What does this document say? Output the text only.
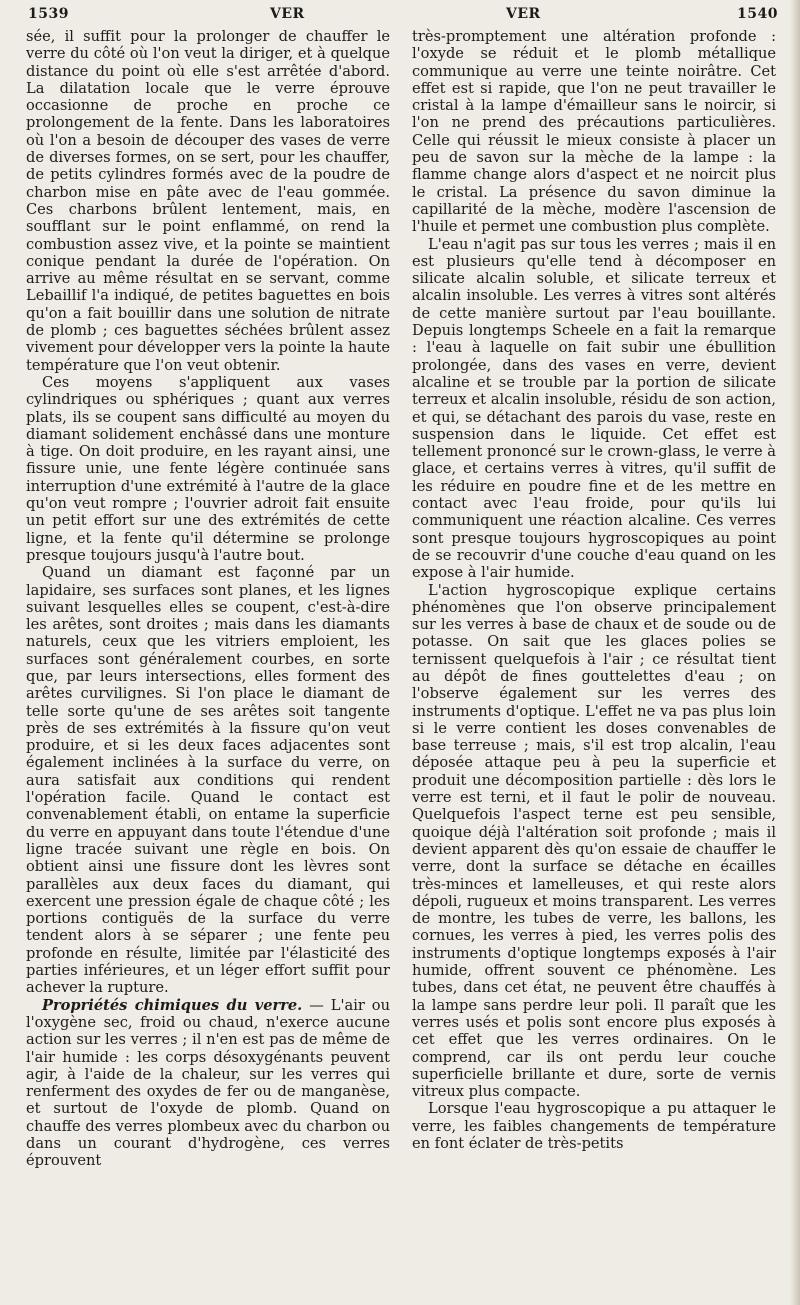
1539	VER	VER	1540

sée, il suffit pour la prolonger de chauffer le verre du côté où l'on veut la diriger, et à quelque distance du point où elle s'est arrêtée d'abord. La dilatation locale que le verre éprouve occasionne de proche en proche ce prolongement de la fente. Dans les laboratoires où l'on a besoin de découper des vases de verre de diverses formes, on se sert, pour les chauffer, de petits cylindres formés avec de la poudre de charbon mise en pâte avec de l'eau gommée. Ces charbons brûlent lentement, mais, en soufflant sur le point enflammé, on rend la combustion assez vive, et la pointe se maintient conique pendant la durée de l'opération. On arrive au même résultat en se servant, comme Lebaillif l'a indiqué, de petites baguettes en bois qu'on a fait bouillir dans une solution de nitrate de plomb ; ces baguettes séchées brûlent assez vivement pour développer vers la pointe la haute température que l'on veut obtenir.

Ces moyens s'appliquent aux vases cylindriques ou sphériques ; quant aux verres plats, ils se coupent sans difficulté au moyen du diamant solidement enchâssé dans une monture à tige. On doit produire, en les rayant ainsi, une fissure unie, une fente légère continuée sans interruption d'une extrémité à l'autre de la glace qu'on veut rompre ; l'ouvrier adroit fait ensuite un petit effort sur une des extrémités de cette ligne, et la fente qu'il détermine se prolonge presque toujours jusqu'à l'autre bout.

Quand un diamant est façonné par un lapidaire, ses surfaces sont planes, et les lignes suivant lesquelles elles se coupent, c'est-à-dire les arêtes, sont droites ; mais dans les diamants naturels, ceux que les vitriers emploient, les surfaces sont généralement courbes, en sorte que, par leurs intersections, elles forment des arêtes curvilignes. Si l'on place le diamant de telle sorte qu'une de ses arêtes soit tangente près de ses extrémités à la fissure qu'on veut produire, et si les deux faces adjacentes sont également inclinées à la surface du verre, on aura satisfait aux conditions qui rendent l'opération facile. Quand le contact est convenablement établi, on entame la superficie du verre en appuyant dans toute l'étendue d'une ligne tracée suivant une règle en bois. On obtient ainsi une fissure dont les lèvres sont parallèles aux deux faces du diamant, qui exercent une pression égale de chaque côté ; les portions contiguës de la surface du verre tendent alors à se séparer ; une fente peu profonde en résulte, limitée par l'élasticité des parties inférieures, et un léger effort suffit pour achever la rupture.

Propriétés chimiques du verre. — L'air ou l'oxygène sec, froid ou chaud, n'exerce aucune action sur les verres ; il n'en est pas de même de l'air humide : les corps désoxygénants peuvent agir, à l'aide de la chaleur, sur les verres qui renferment des oxydes de fer ou de manganèse, et surtout de l'oxyde de plomb. Quand on chauffe des verres plombeux avec du charbon ou dans un courant d'hydrogène, ces verres éprouvent

très-promptement une altération profonde : l'oxyde se réduit et le plomb métallique communique au verre une teinte noirâtre. Cet effet est si rapide, que l'on ne peut travailler le cristal à la lampe d'émailleur sans le noircir, si l'on ne prend des précautions particulières. Celle qui réussit le mieux consiste à placer un peu de savon sur la mèche de la lampe : la flamme change alors d'aspect et ne noircit plus le cristal. La présence du savon diminue la capillarité de la mèche, modère l'ascension de l'huile et permet une combustion plus complète.

L'eau n'agit pas sur tous les verres ; mais il en est plusieurs qu'elle tend à décomposer en silicate alcalin soluble, et silicate terreux et alcalin insoluble. Les verres à vitres sont altérés de cette manière surtout par l'eau bouillante. Depuis longtemps Scheele en a fait la remarque : l'eau à laquelle on fait subir une ébullition prolongée, dans des vases en verre, devient alcaline et se trouble par la portion de silicate terreux et alcalin insoluble, résidu de son action, et qui, se détachant des parois du vase, reste en suspension dans le liquide. Cet effet est tellement prononcé sur le crown-glass, le verre à glace, et certains verres à vitres, qu'il suffit de les réduire en poudre fine et de les mettre en contact avec l'eau froide, pour qu'ils lui communiquent une réaction alcaline. Ces verres sont presque toujours hygroscopiques au point de se recouvrir d'une couche d'eau quand on les expose à l'air humide.

L'action hygroscopique explique certains phénomènes que l'on observe principalement sur les verres à base de chaux et de soude ou de potasse. On sait que les glaces polies se ternissent quelquefois à l'air ; ce résultat tient au dépôt de fines gouttelettes d'eau ; on l'observe également sur les verres des instruments d'optique. L'effet ne va pas plus loin si le verre contient les doses convenables de base terreuse ; mais, s'il est trop alcalin, l'eau déposée attaque peu à peu la superficie et produit une décomposition partielle : dès lors le verre est terni, et il faut le polir de nouveau. Quelquefois l'aspect terne est peu sensible, quoique déjà l'altération soit profonde ; mais il devient apparent dès qu'on essaie de chauffer le verre, dont la surface se détache en écailles très-minces et lamelleuses, et qui reste alors dépoli, rugueux et moins transparent. Les verres de montre, les tubes de verre, les ballons, les cornues, les verres à pied, les verres polis des instruments d'optique longtemps exposés à l'air humide, offrent souvent ce phénomène. Les tubes, dans cet état, ne peuvent être chauffés à la lampe sans perdre leur poli. Il paraît que les verres usés et polis sont encore plus exposés à cet effet que les verres ordinaires. On le comprend, car ils ont perdu leur couche superficielle brillante et dure, sorte de vernis vitreux plus compacte.

Lorsque l'eau hygroscopique a pu attaquer le verre, les faibles changements de température en font éclater de très-petits
